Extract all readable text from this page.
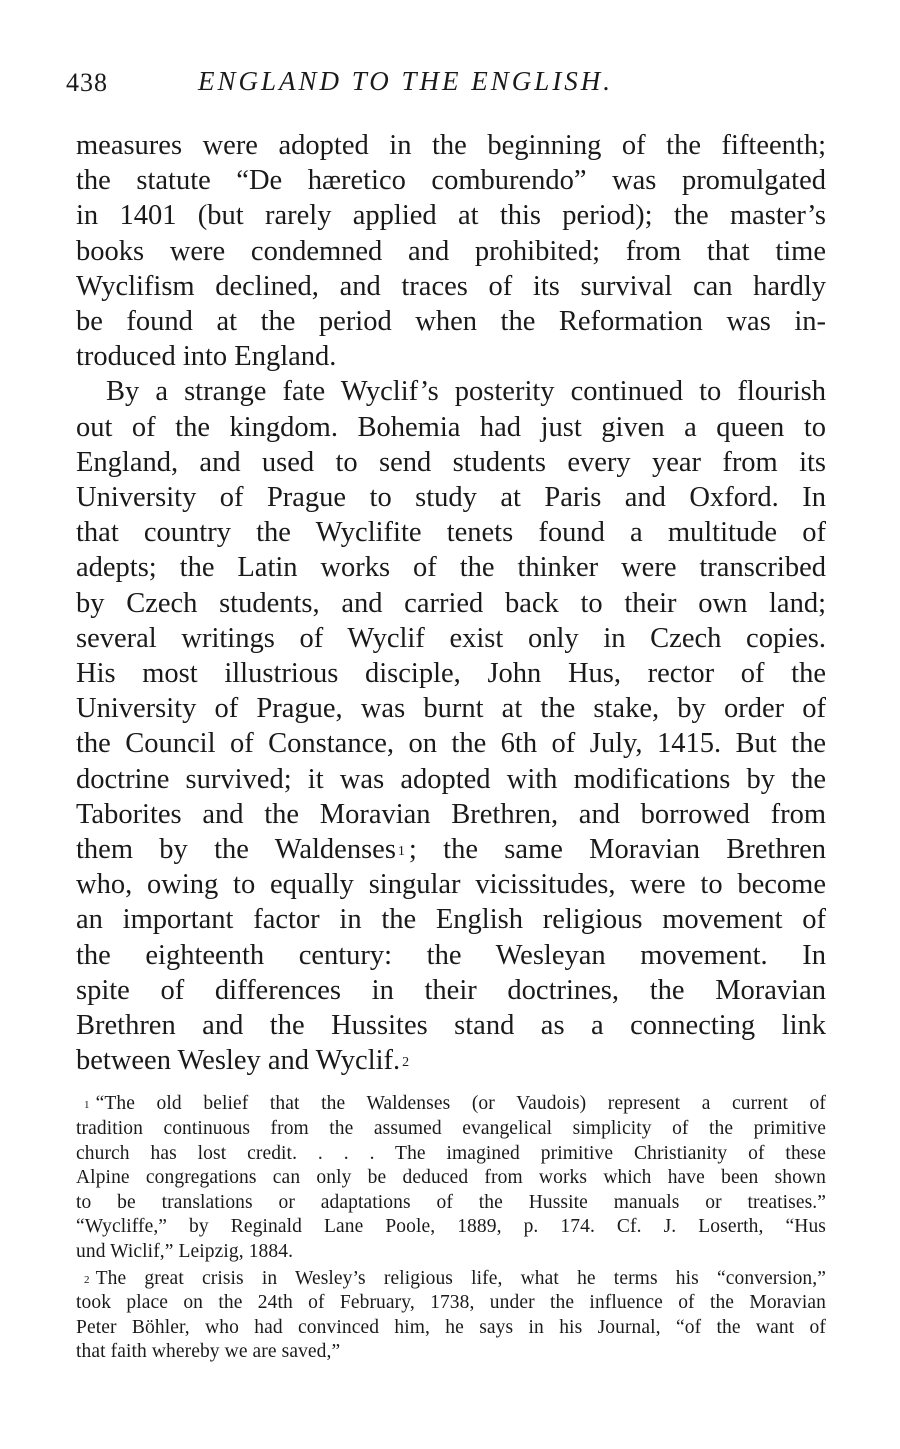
438	ENGLAND TO THE ENGLISH.

measures were adopted in the beginning of the fifteenth;
the statute “De hæretico comburendo” was promulgated
in 1401 (but rarely applied at this period); the master’s
books were condemned and prohibited; from that time
Wyclifism declined, and traces of its survival can hardly
be found at the period when the Reformation was in-
troduced into England.

By a strange fate Wyclif’s posterity continued to flourish
out of the kingdom. Bohemia had just given a queen to
England, and used to send students every year from its
University of Prague to study at Paris and Oxford. In
that country the Wyclifite tenets found a multitude of
adepts; the Latin works of the thinker were transcribed
by Czech students, and carried back to their own land;
several writings of Wyclif exist only in Czech copies.
His most illustrious disciple, John Hus, rector of the
University of Prague, was burnt at the stake, by order of
the Council of Constance, on the 6th of July, 1415. But the
doctrine survived; it was adopted with modifications by the
Taborites and the Moravian Brethren, and borrowed from
them by the Waldenses $^1$ ; the same Moravian Brethren
who, owing to equally singular vicissitudes, were to become
an important factor in the English religious movement of
the eighteenth century: the Wesleyan movement. In
spite of differences in their doctrines, the Moravian
Brethren and the Hussites stand as a connecting link
between Wesley and Wyclif. $^2$

$^1$ “The old belief that the Waldenses (or Vaudois) represent a current of
tradition continuous from the assumed evangelical simplicity of the primitive
church has lost credit. . . . The imagined primitive Christianity of these
Alpine congregations can only be deduced from works which have been shown
to be translations or adaptations of the Hussite manuals or treatises.”
“Wycliffe,” by Reginald Lane Poole, 1889, p. 174. Cf. J. Loserth, “Hus
und Wiclif,” Leipzig, 1884.

$^2$ The great crisis in Wesley’s religious life, what he terms his “conversion,”
took place on the 24th of February, 1738, under the influence of the Moravian
Peter Böhler, who had convinced him, he says in his Journal, “of the want of
that faith whereby we are saved,”
